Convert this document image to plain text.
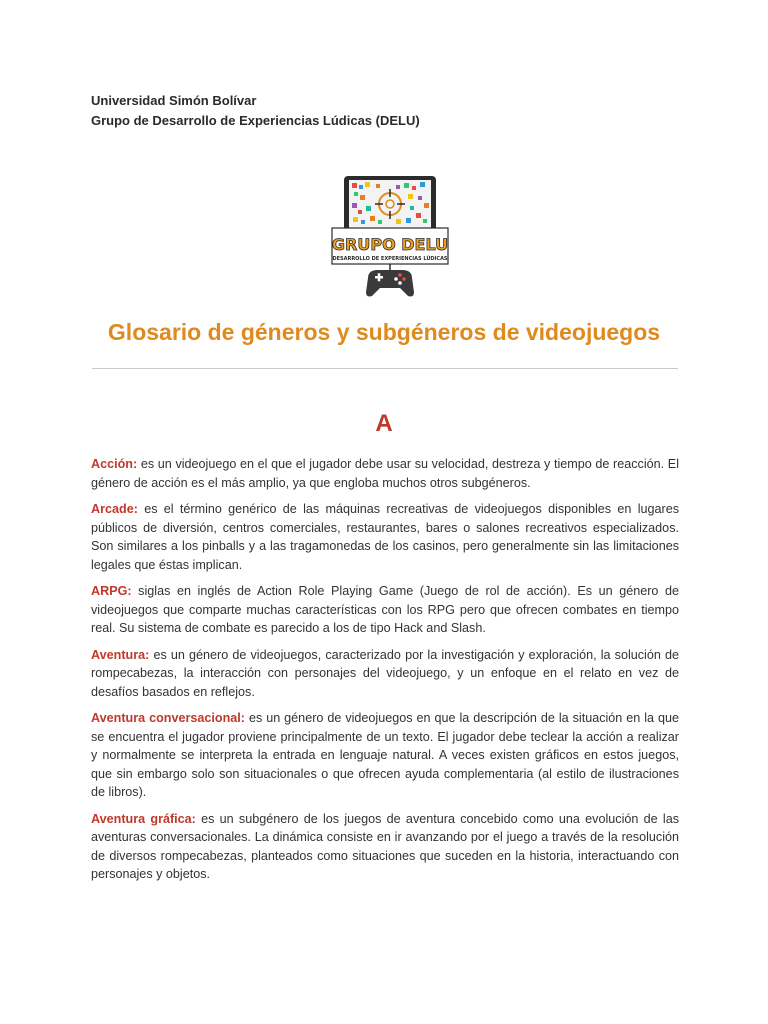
Universidad Simón Bolívar
Grupo de Desarrollo de Experiencias Lúdicas (DELU)
GRUPO DELU
DESARROLLO DE EXPERIENCIAS LÚDICAS
Glosario de géneros y subgéneros de videojuegos
A

Acción: es un videojuego en el que el jugador debe usar su velocidad, destreza y tiempo de reacción. El género de acción es el más amplio, ya que engloba muchos otros subgéneros.

Arcade: es el término genérico de las máquinas recreativas de videojuegos disponibles en lugares públicos de diversión, centros comerciales, restaurantes, bares o salones recreativos especializados. Son similares a los pinballs y a las tragamonedas de los casinos, pero generalmente sin las limitaciones legales que éstas implican.

ARPG: siglas en inglés de Action Role Playing Game (Juego de rol de acción). Es un género de videojuegos que comparte muchas características con los RPG pero que ofrecen combates en tiempo real. Su sistema de combate es parecido a los de tipo Hack and Slash.

Aventura: es un género de videojuegos, caracterizado por la investigación y exploración, la solución de rompecabezas, la interacción con personajes del videojuego, y un enfoque en el relato en vez de desafíos basados en reflejos.

Aventura conversacional: es un género de videojuegos en que la descripción de la situación en la que se encuentra el jugador proviene principalmente de un texto. El jugador debe teclear la acción a realizar y normalmente se interpreta la entrada en lenguaje natural. A veces existen gráficos en estos juegos, que sin embargo solo son situacionales o que ofrecen ayuda complementaria (al estilo de ilustraciones de libros).

Aventura gráfica: es un subgénero de los juegos de aventura concebido como una evolución de las aventuras conversacionales. La dinámica consiste en ir avanzando por el juego a través de la resolución de diversos rompecabezas, planteados como situaciones que suceden en la historia, interactuando con personajes y objetos.
